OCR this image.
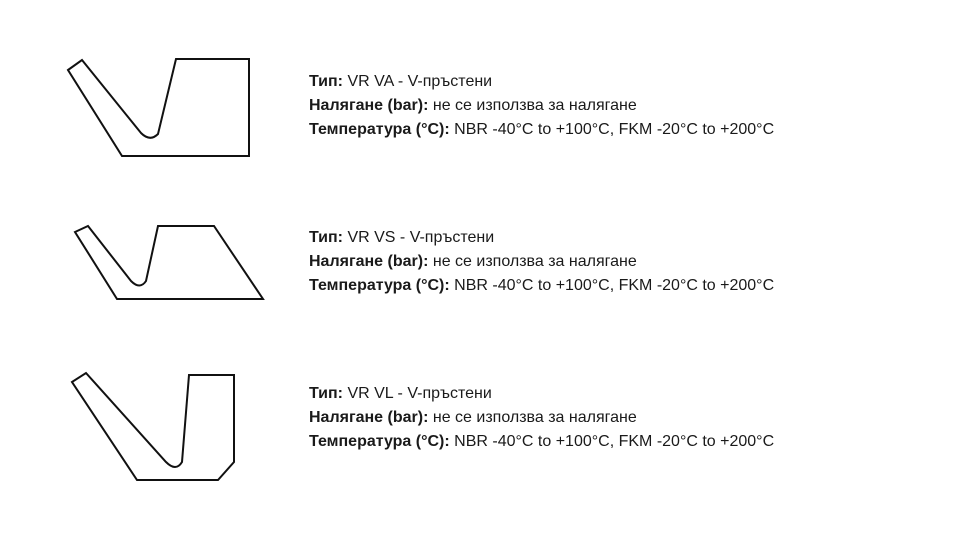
Тип: VR VA - V-пръстени
Налягане (bar): не се използва за налягане
Температура (°C): NBR -40°C to +100°C, FKM -20°C to +200°C
Тип: VR VS - V-пръстени
Налягане (bar): не се използва за налягане
Температура (°C): NBR -40°C to +100°C, FKM -20°C to +200°C
Тип: VR VL - V-пръстени
Налягане (bar): не се използва за налягане
Температура (°C): NBR -40°C to +100°C, FKM -20°C to +200°C
